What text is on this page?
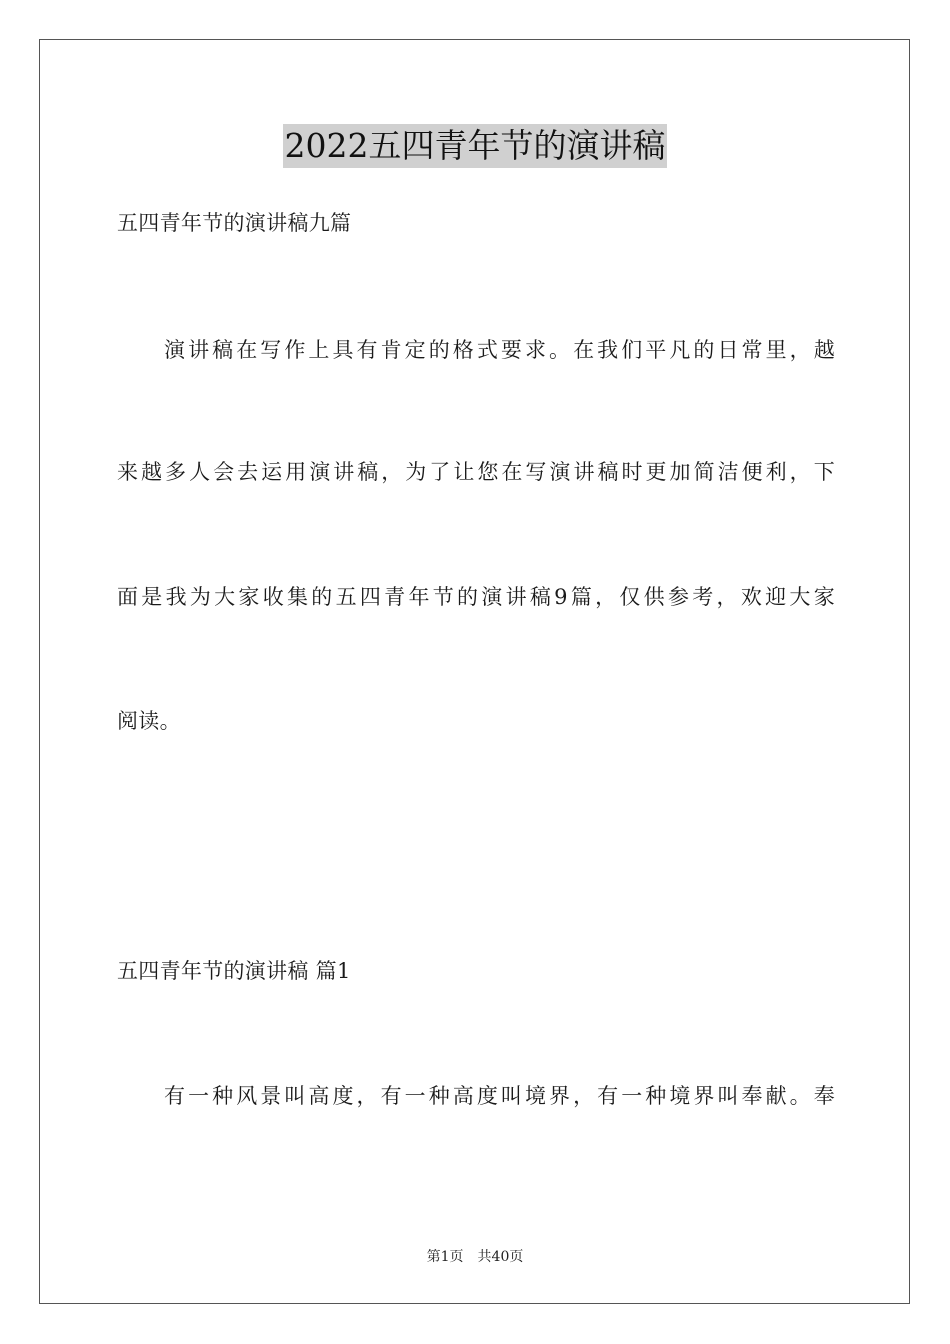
2022五四青年节的演讲稿
五四青年节的演讲稿九篇
演讲稿在写作上具有肯定的格式要求。在我们平凡的日常里，越
来越多人会去运用演讲稿，为了让您在写演讲稿时更加简洁便利，下
面是我为大家收集的五四青年节的演讲稿9篇，仅供参考，欢迎大家
阅读。
五四青年节的演讲稿 篇1
有一种风景叫高度，有一种高度叫境界，有一种境界叫奉献。奉
第1页　共40页
